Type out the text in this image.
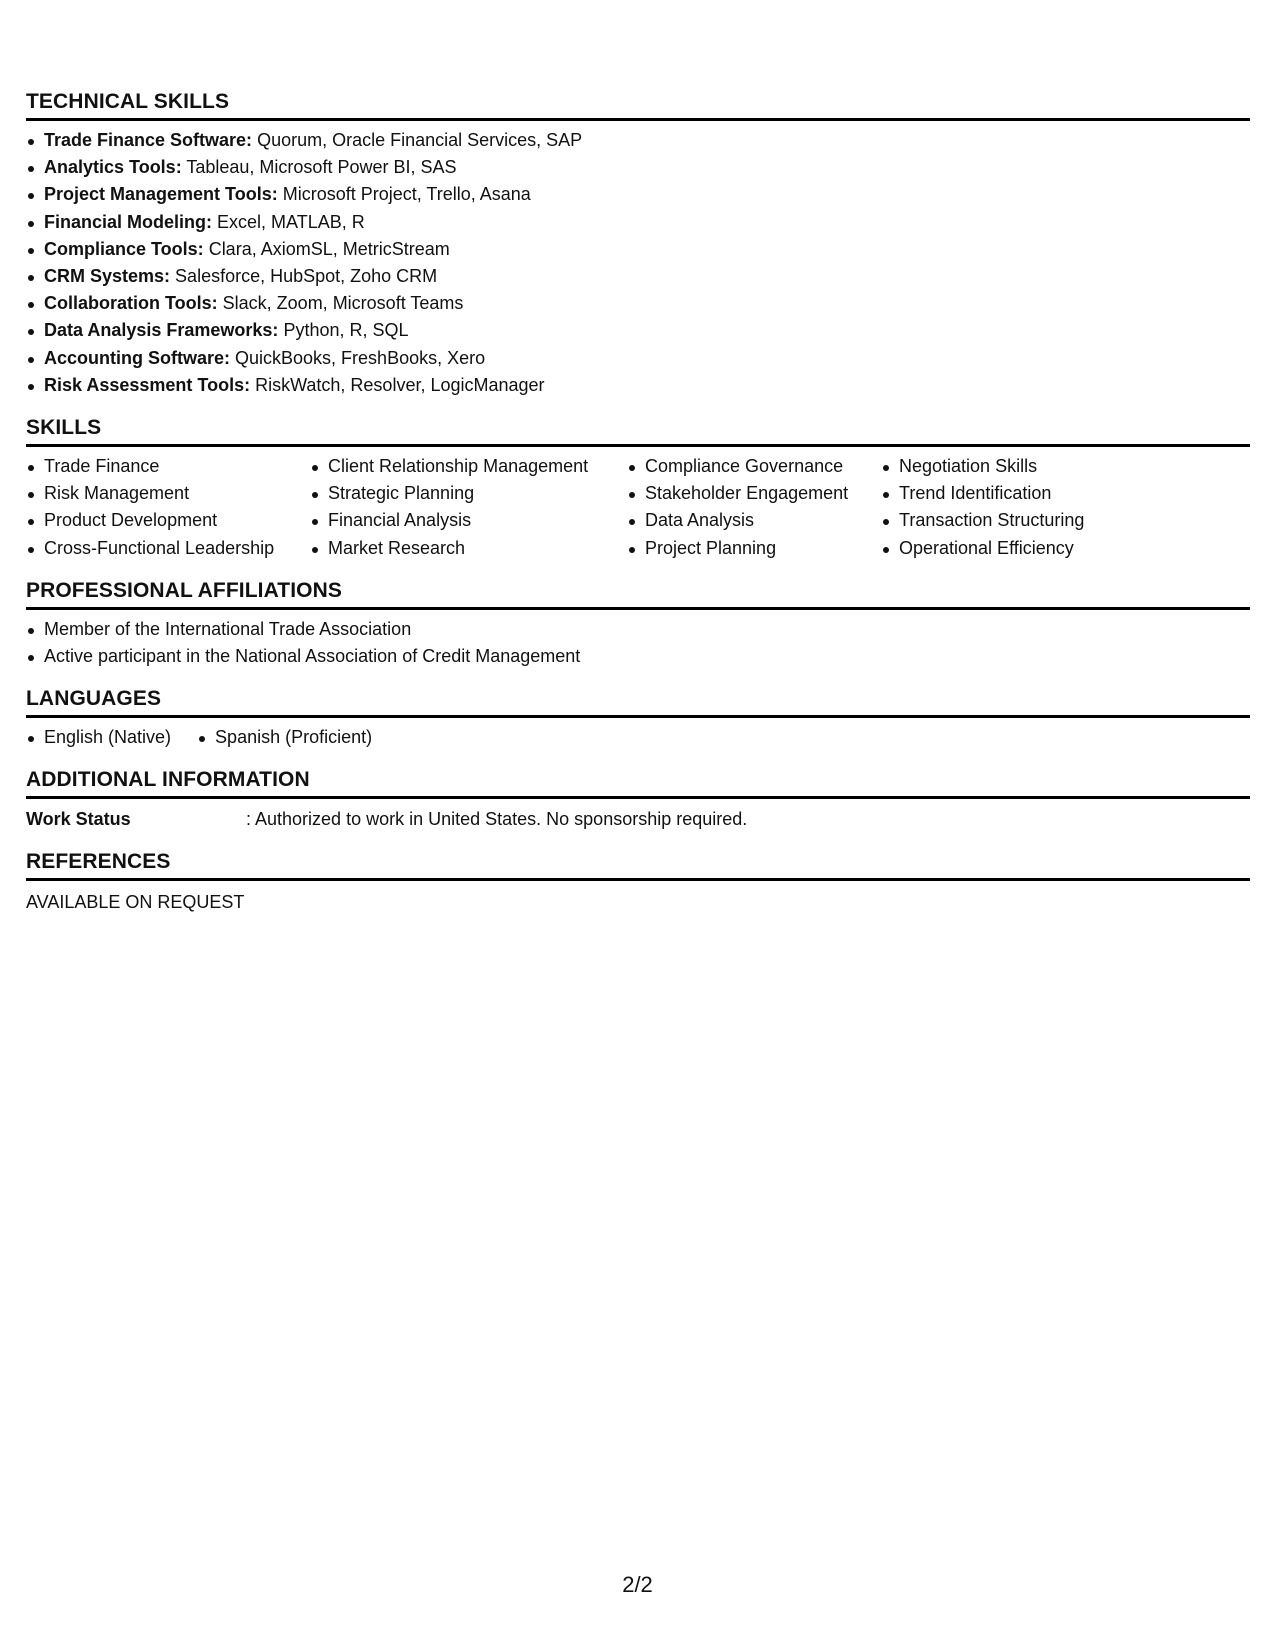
TECHNICAL SKILLS
Trade Finance Software: Quorum, Oracle Financial Services, SAP
Analytics Tools: Tableau, Microsoft Power BI, SAS
Project Management Tools: Microsoft Project, Trello, Asana
Financial Modeling: Excel, MATLAB, R
Compliance Tools: Clara, AxiomSL, MetricStream
CRM Systems: Salesforce, HubSpot, Zoho CRM
Collaboration Tools: Slack, Zoom, Microsoft Teams
Data Analysis Frameworks: Python, R, SQL
Accounting Software: QuickBooks, FreshBooks, Xero
Risk Assessment Tools: RiskWatch, Resolver, LogicManager
SKILLS
Trade Finance
Risk Management
Product Development
Cross-Functional Leadership
Client Relationship Management
Strategic Planning
Financial Analysis
Market Research
Compliance Governance
Stakeholder Engagement
Data Analysis
Project Planning
Negotiation Skills
Trend Identification
Transaction Structuring
Operational Efficiency
PROFESSIONAL AFFILIATIONS
Member of the International Trade Association
Active participant in the National Association of Credit Management
LANGUAGES
English (Native) Spanish (Proficient)
ADDITIONAL INFORMATION
Work Status	: Authorized to work in United States. No sponsorship required.
REFERENCES
AVAILABLE ON REQUEST
2/2
